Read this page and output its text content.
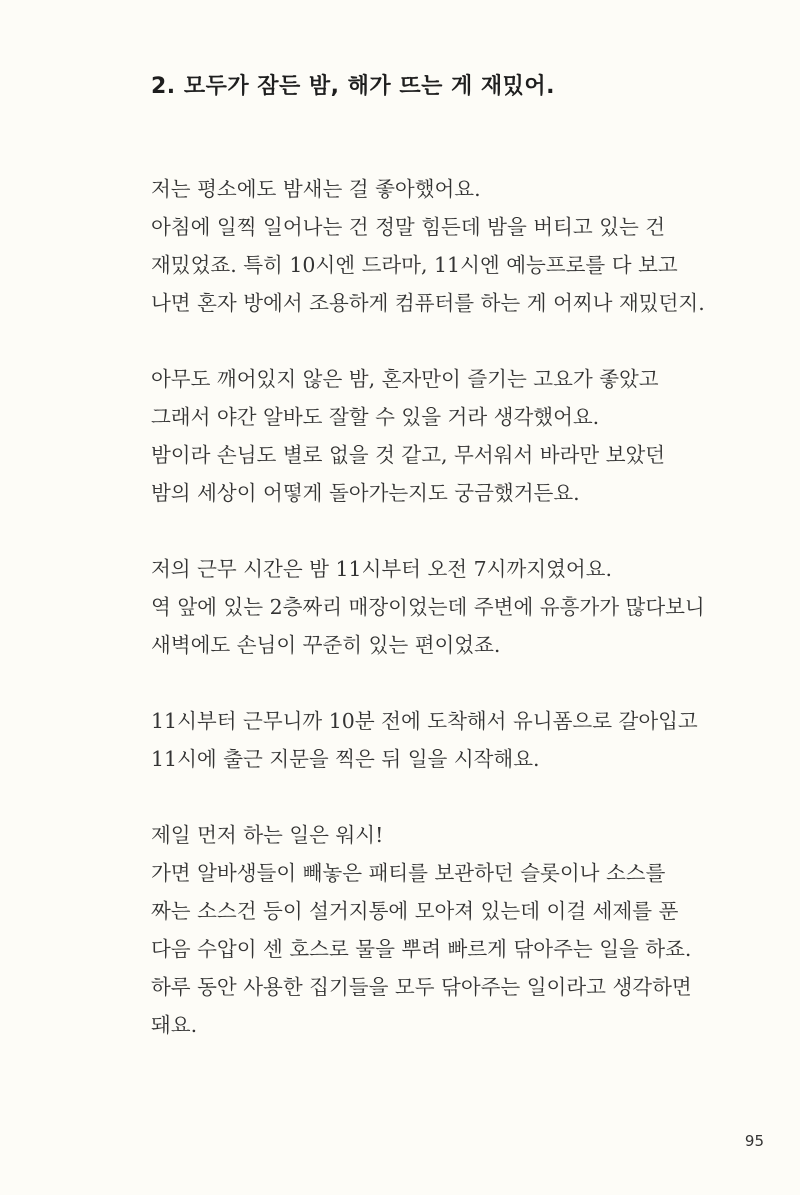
2. 모두가 잠든 밤, 해가 뜨는 게 재밌어.

저는 평소에도 밤새는 걸 좋아했어요.
아침에 일찍 일어나는 건 정말 힘든데 밤을 버티고 있는 건
재밌었죠. 특히 10시엔 드라마, 11시엔 예능프로를 다 보고
나면 혼자 방에서 조용하게 컴퓨터를 하는 게 어찌나 재밌던지.

아무도 깨어있지 않은 밤, 혼자만이 즐기는 고요가 좋았고
그래서 야간 알바도 잘할 수 있을 거라 생각했어요.
밤이라 손님도 별로 없을 것 같고, 무서워서 바라만 보았던
밤의 세상이 어떻게 돌아가는지도 궁금했거든요.

저의 근무 시간은 밤 11시부터 오전 7시까지였어요.
역 앞에 있는 2층짜리 매장이었는데 주변에 유흥가가 많다보니
새벽에도 손님이 꾸준히 있는 편이었죠.

11시부터 근무니까 10분 전에 도착해서 유니폼으로 갈아입고
11시에 출근 지문을 찍은 뒤 일을 시작해요.

제일 먼저 하는 일은 워시!
가면 알바생들이 빼놓은 패티를 보관하던 슬롯이나 소스를
짜는 소스건 등이 설거지통에 모아져 있는데 이걸 세제를 푼
다음 수압이 센 호스로 물을 뿌려 빠르게 닦아주는 일을 하죠.
하루 동안 사용한 집기들을 모두 닦아주는 일이라고 생각하면
돼요.

95
